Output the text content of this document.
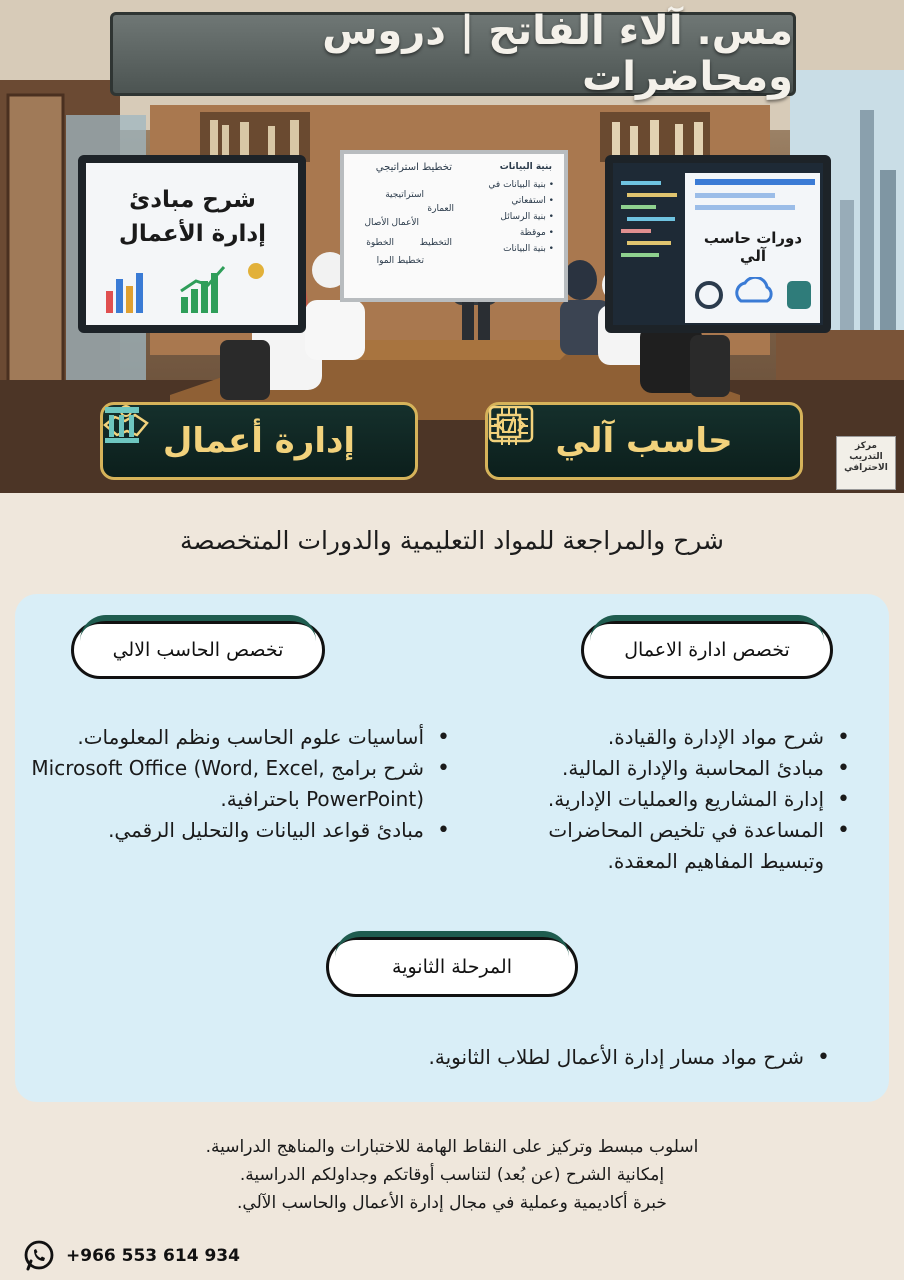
مس. آلاء الفاتح | دروس ومحاضرات
شرح مبادئ إدارة الأعمال
تخطيط استراتيجي
استراتيجية
العمارة
الأعمال
الأصال
الخطوة	التخطيط
تخطيط الموا
بنية البيانات
• بنية البيانات في
• استفعاتي
• بنية الرسائل
• موقظة
• بنية البيانات
دورات حاسب آلي
إدارة أعمال	حاسب آلي	مركز
التدريب
الاحترافي
شرح والمراجعة للمواد التعليمية والدورات المتخصصة
تخصص ادارة الاعمال
تخصص الحاسب الالي
• شرح مواد الإدارة والقيادة.
• مبادئ المحاسبة والإدارة المالية.
• إدارة المشاريع والعمليات الإدارية.
• المساعدة في تلخيص المحاضرات وتبسيط المفاهيم المعقدة.
• أساسيات علوم الحاسب ونظم المعلومات.
• شرح برامج Microsoft Office (Word, Excel, PowerPoint) باحترافية.
• مبادئ قواعد البيانات والتحليل الرقمي.
المرحلة الثانوية
• شرح مواد مسار إدارة الأعمال لطلاب الثانوية.
اسلوب مبسط وتركيز على النقاط الهامة للاختبارات والمناهج الدراسية.
إمكانية الشرح (عن بُعد) لتناسب أوقاتكم وجداولكم الدراسية.
خبرة أكاديمية وعملية في مجال إدارة الأعمال والحاسب الآلي.
+966 553 614 934
